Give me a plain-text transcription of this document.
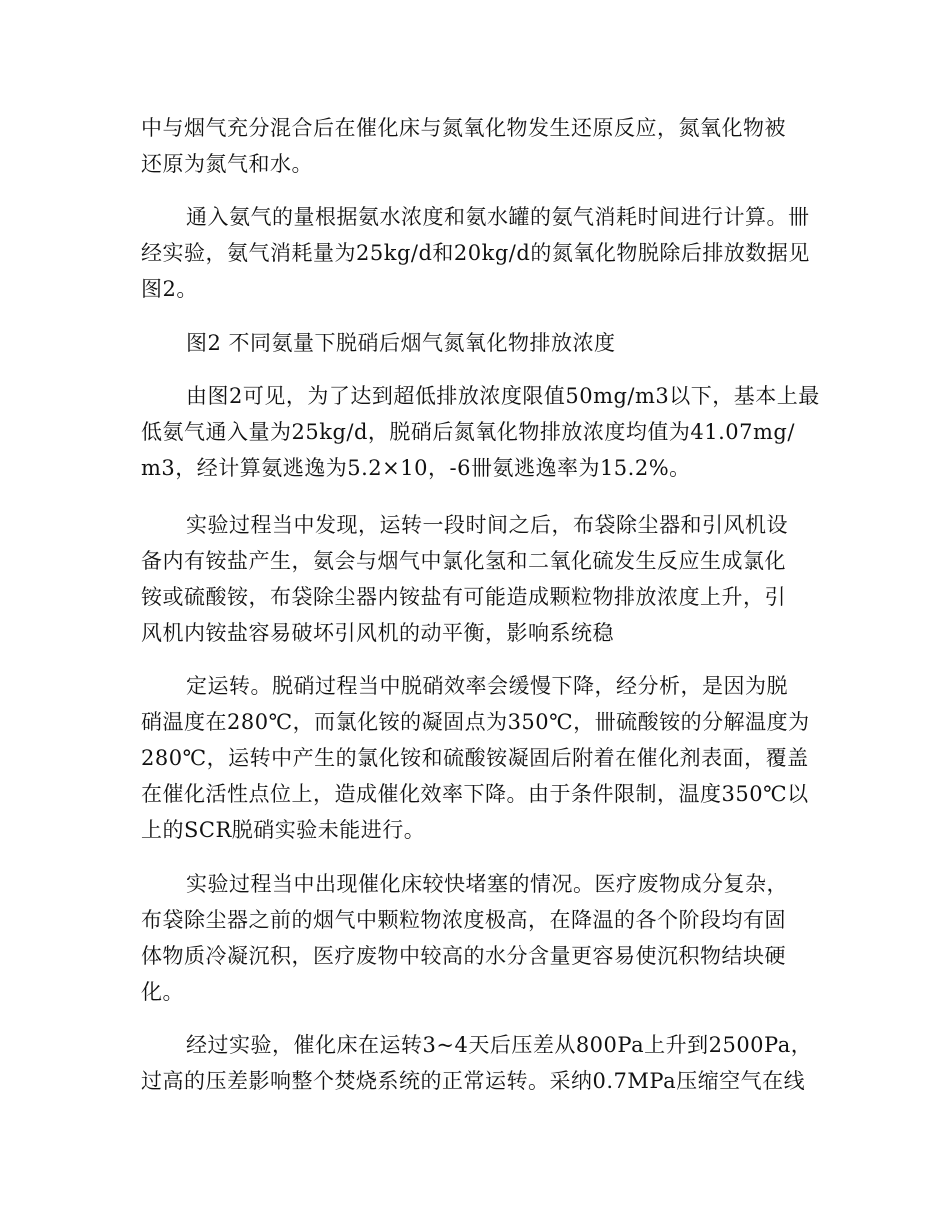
中与烟气充分混合后在催化床与氮氧化物发生还原反应，氮氧化物被
还原为氮气和水。
通入氨气的量根据氨水浓度和氨水罐的氨气消耗时间进行计算。卌
经实验，氨气消耗量为25kg/d和20kg/d的氮氧化物脱除后排放数据见
图2。
图2 不同氨量下脱硝后烟气氮氧化物排放浓度
由图2可见，为了达到超低排放浓度限值50mg/m3以下，基本上最
低氨气通入量为25kg/d，脱硝后氮氧化物排放浓度均值为41.07mg/
m3，经计算氨逃逸为5.2×10，-6卌氨逃逸率为15.2%。
实验过程当中发现，运转一段时间之后，布袋除尘器和引风机设
备内有铵盐产生，氨会与烟气中氯化氢和二氧化硫发生反应生成氯化
铵或硫酸铵，布袋除尘器内铵盐有可能造成颗粒物排放浓度上升，引
风机内铵盐容易破坏引风机的动平衡，影响系统稳
定运转。脱硝过程当中脱硝效率会缓慢下降，经分析，是因为脱
硝温度在280℃，而氯化铵的凝固点为350℃，卌硫酸铵的分解温度为
280℃，运转中产生的氯化铵和硫酸铵凝固后附着在催化剂表面，覆盖
在催化活性点位上，造成催化效率下降。由于条件限制，温度350℃以
上的SCR脱硝实验未能进行。
实验过程当中出现催化床较快堵塞的情况。医疗废物成分复杂，
布袋除尘器之前的烟气中颗粒物浓度极高，在降温的各个阶段均有固
体物质冷凝沉积，医疗废物中较高的水分含量更容易使沉积物结块硬
化。
经过实验，催化床在运转3~4天后压差从800Pa上升到2500Pa，
过高的压差影响整个焚烧系统的正常运转。采纳0.7MPa压缩空气在线
